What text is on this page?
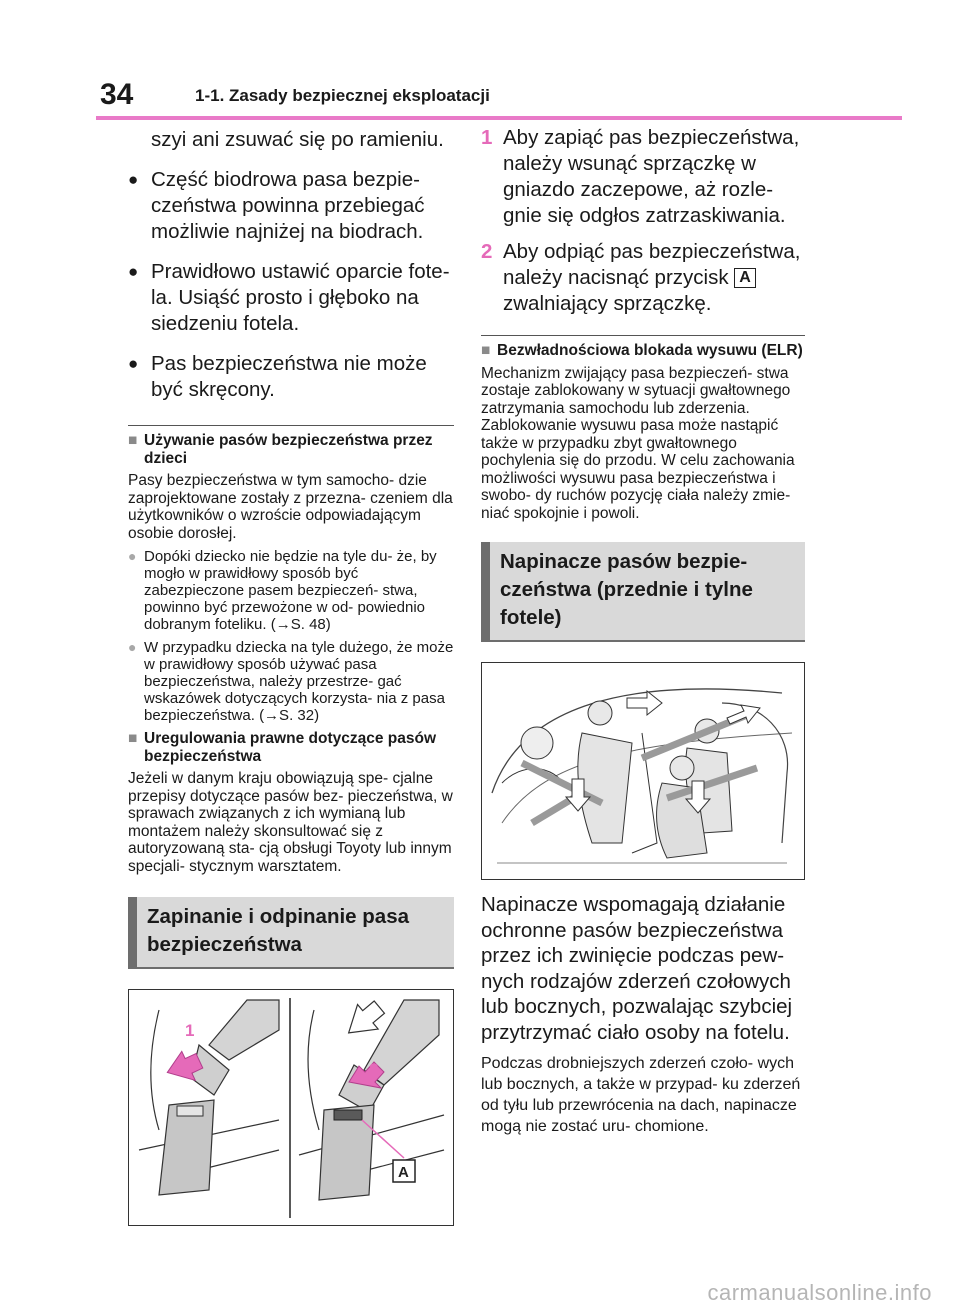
34	1-1. Zasady bezpiecznej eksploatacji
szyi ani zsuwać się po ramieniu.
● Część biodrowa pasa bezpie- czeństwa powinna przebiegać możliwie najniżej na biodrach.
● Prawidłowo ustawić oparcie fote- la. Usiąść prosto i głęboko na siedzeniu fotela.
● Pas bezpieczeństwa nie może być skręcony.
■ Używanie pasów bezpieczeństwa przez dzieci
Pasy bezpieczeństwa w tym samocho- dzie zaprojektowane zostały z przezna- czeniem dla użytkowników o wzroście odpowiadającym osobie dorosłej.
● Dopóki dziecko nie będzie na tyle du- że, by mogło w prawidłowy sposób być zabezpieczone pasem bezpieczeń- stwa, powinno być przewożone w od- powiednio dobranym foteliku. (→S. 48)
● W przypadku dziecka na tyle dużego, że może w prawidłowy sposób używać pasa bezpieczeństwa, należy przestrze- gać wskazówek dotyczących korzysta- nia z pasa bezpieczeństwa. (→S. 32)
■ Uregulowania prawne dotyczące pasów bezpieczeństwa
Jeżeli w danym kraju obowiązują spe- cjalne przepisy dotyczące pasów bez- pieczeństwa, w sprawach związanych z ich wymianą lub montażem należy skonsultować się z autoryzowaną sta- cją obsługi Toyoty lub innym specjali- stycznym warsztatem.
Zapinanie i odpinanie pasa bezpieczeństwa
1
2
A
1 Aby zapiąć pas bezpieczeństwa, należy wsunąć sprzączkę w gniazdo zaczepowe, aż rozle- gnie się odgłos zatrzaskiwania.
2 Aby odpiąć pas bezpieczeństwa, należy nacisnąć przycisk A zwalniający sprzączkę.
■ Bezwładnościowa blokada wysuwu (ELR)
Mechanizm zwijający pasa bezpieczeń- stwa zostaje zablokowany w sytuacji gwałtownego zatrzymania samochodu lub zderzenia. Zablokowanie wysuwu pasa może nastąpić także w przypadku zbyt gwałtownego pochylenia się do przodu. W celu zachowania możliwości wysuwu pasa bezpieczeństwa i swobo- dy ruchów pozycję ciała należy zmie- niać spokojnie i powoli.
Napinacze pasów bezpie- czeństwa (przednie i tylne fotele)
Napinacze wspomagają działanie ochronne pasów bezpieczeństwa przez ich zwinięcie podczas pew- nych rodzajów zderzeń czołowych lub bocznych, pozwalając szybciej przytrzymać ciało osoby na fotelu.
Podczas drobniejszych zderzeń czoło- wych lub bocznych, a także w przypad- ku zderzeń od tyłu lub przewrócenia na dach, napinacze mogą nie zostać uru- chomione.
carmanualsonline.info
